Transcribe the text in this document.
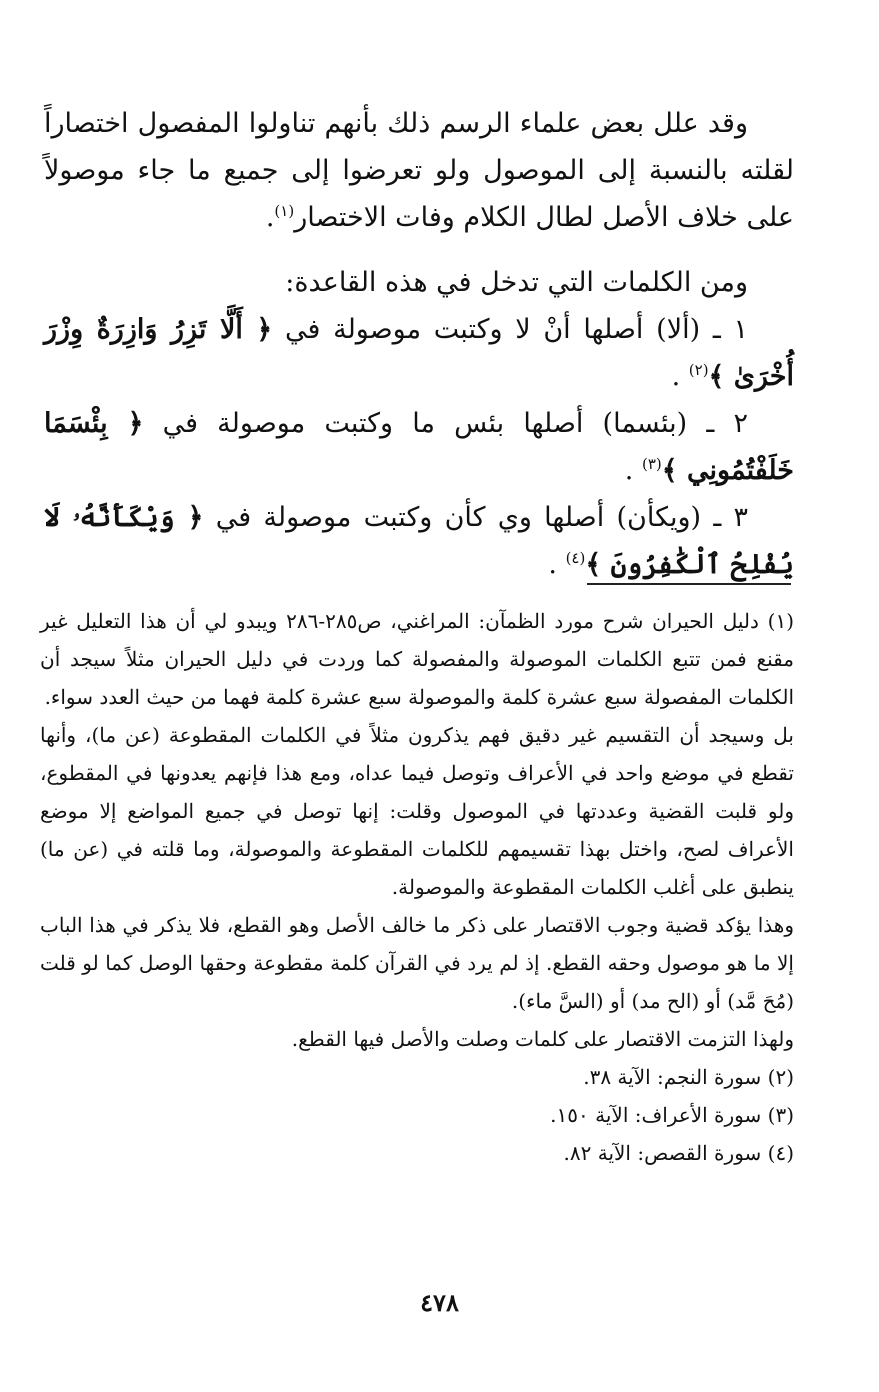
وقد علل بعض علماء الرسم ذلك بأنهم تناولوا المفصول اختصاراً لقلته بالنسبة إلى الموصول ولو تعرضوا إلى جميع ما جاء موصولاً على خلاف الأصل لطال الكلام وفات الاختصار$^{(١)}$.

ومن الكلمات التي تدخل في هذه القاعدة:

١ ـ (ألا) أصلها أنْ لا وكتبت موصولة في ﴿ أَلَّا تَزِرُ وَازِرَةٌ وِزْرَ أُخْرَىٰ ﴾$^{(٢)}$ .

٢ ـ (بئسما) أصلها بئس ما وكتبت موصولة في ﴿ بِئْسَمَا خَلَفْتُمُونِي ﴾$^{(٣)}$ .

٣ ـ (ويكأن) أصلها وي كأن وكتبت موصولة في ﴿ وَيْكَأَنَّهُۥ لَا يُفْلِحُ ٱلْكَٰفِرُونَ ﴾$^{(٤)}$ .

(١) دليل الحيران شرح مورد الظمآن: المراغني، ص٢٨٥-٢٨٦ ويبدو لي أن هذا التعليل غير مقنع فمن تتبع الكلمات الموصولة والمفصولة كما وردت في دليل الحيران مثلاً سيجد أن الكلمات المفصولة سبع عشرة كلمة والموصولة سبع عشرة كلمة فهما من حيث العدد سواء.

بل وسيجد أن التقسيم غير دقيق فهم يذكرون مثلاً في الكلمات المقطوعة (عن ما)، وأنها تقطع في موضع واحد في الأعراف وتوصل فيما عداه، ومع هذا فإنهم يعدونها في المقطوع، ولو قلبت القضية وعددتها في الموصول وقلت: إنها توصل في جميع المواضع إلا موضع الأعراف لصح، واختل بهذا تقسيمهم للكلمات المقطوعة والموصولة، وما قلته في (عن ما) ينطبق على أغلب الكلمات المقطوعة والموصولة.

وهذا يؤكد قضية وجوب الاقتصار على ذكر ما خالف الأصل وهو القطع، فلا يذكر في هذا الباب إلا ما هو موصول وحقه القطع. إذ لم يرد في القرآن كلمة مقطوعة وحقها الوصل كما لو قلت (مُحَ مَّد) أو (الح مد) أو (السَّ ماء).

ولهذا التزمت الاقتصار على كلمات وصلت والأصل فيها القطع.

(٢) سورة النجم: الآية ٣٨.

(٣) سورة الأعراف: الآية ١٥٠.

(٤) سورة القصص: الآية ٨٢.

٤٧٨
